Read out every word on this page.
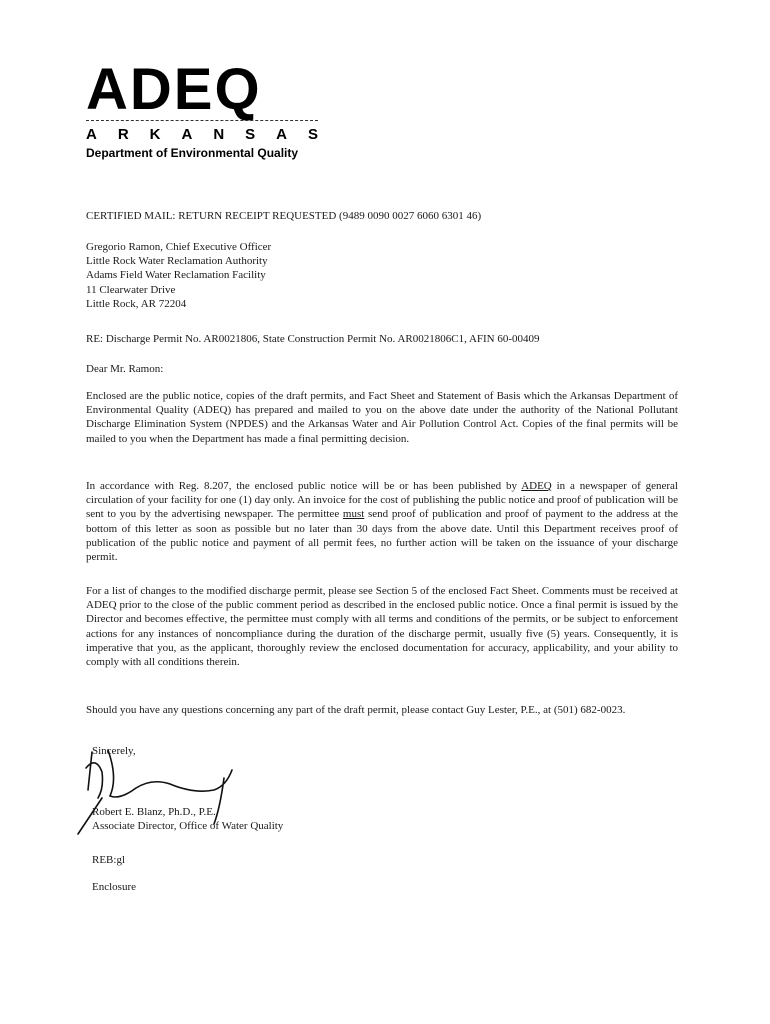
ADEQ
A R K A N S A S
Department of Environmental Quality
CERTIFIED MAIL: RETURN RECEIPT REQUESTED (9489 0090 0027 6060 6301 46)
Gregorio Ramon, Chief Executive Officer
Little Rock Water Reclamation Authority
Adams Field Water Reclamation Facility
11 Clearwater Drive
Little Rock, AR 72204
RE: Discharge Permit No. AR0021806, State Construction Permit No. AR0021806C1, AFIN 60-00409
Dear Mr. Ramon:
Enclosed are the public notice, copies of the draft permits, and Fact Sheet and Statement of Basis which the Arkansas Department of Environmental Quality (ADEQ) has prepared and mailed to you on the above date under the authority of the National Pollutant Discharge Elimination System (NPDES) and the Arkansas Water and Air Pollution Control Act. Copies of the final permits will be mailed to you when the Department has made a final permitting decision.
In accordance with Reg. 8.207, the enclosed public notice will be or has been published by ADEQ in a newspaper of general circulation of your facility for one (1) day only. An invoice for the cost of publishing the public notice and proof of publication will be sent to you by the advertising newspaper. The permittee must send proof of publication and proof of payment to the address at the bottom of this letter as soon as possible but no later than 30 days from the above date. Until this Department receives proof of publication of the public notice and payment of all permit fees, no further action will be taken on the issuance of your discharge permit.
For a list of changes to the modified discharge permit, please see Section 5 of the enclosed Fact Sheet. Comments must be received at ADEQ prior to the close of the public comment period as described in the enclosed public notice. Once a final permit is issued by the Director and becomes effective, the permittee must comply with all terms and conditions of the permits, or be subject to enforcement actions for any instances of noncompliance during the duration of the discharge permit, usually five (5) years. Consequently, it is imperative that you, as the applicant, thoroughly review the enclosed documentation for accuracy, applicability, and your ability to comply with all conditions therein.
Should you have any questions concerning any part of the draft permit, please contact Guy Lester, P.E., at (501) 682-0023.
Sincerely,
Robert E. Blanz, Ph.D., P.E.
Associate Director, Office of Water Quality
REB:gl
Enclosure
